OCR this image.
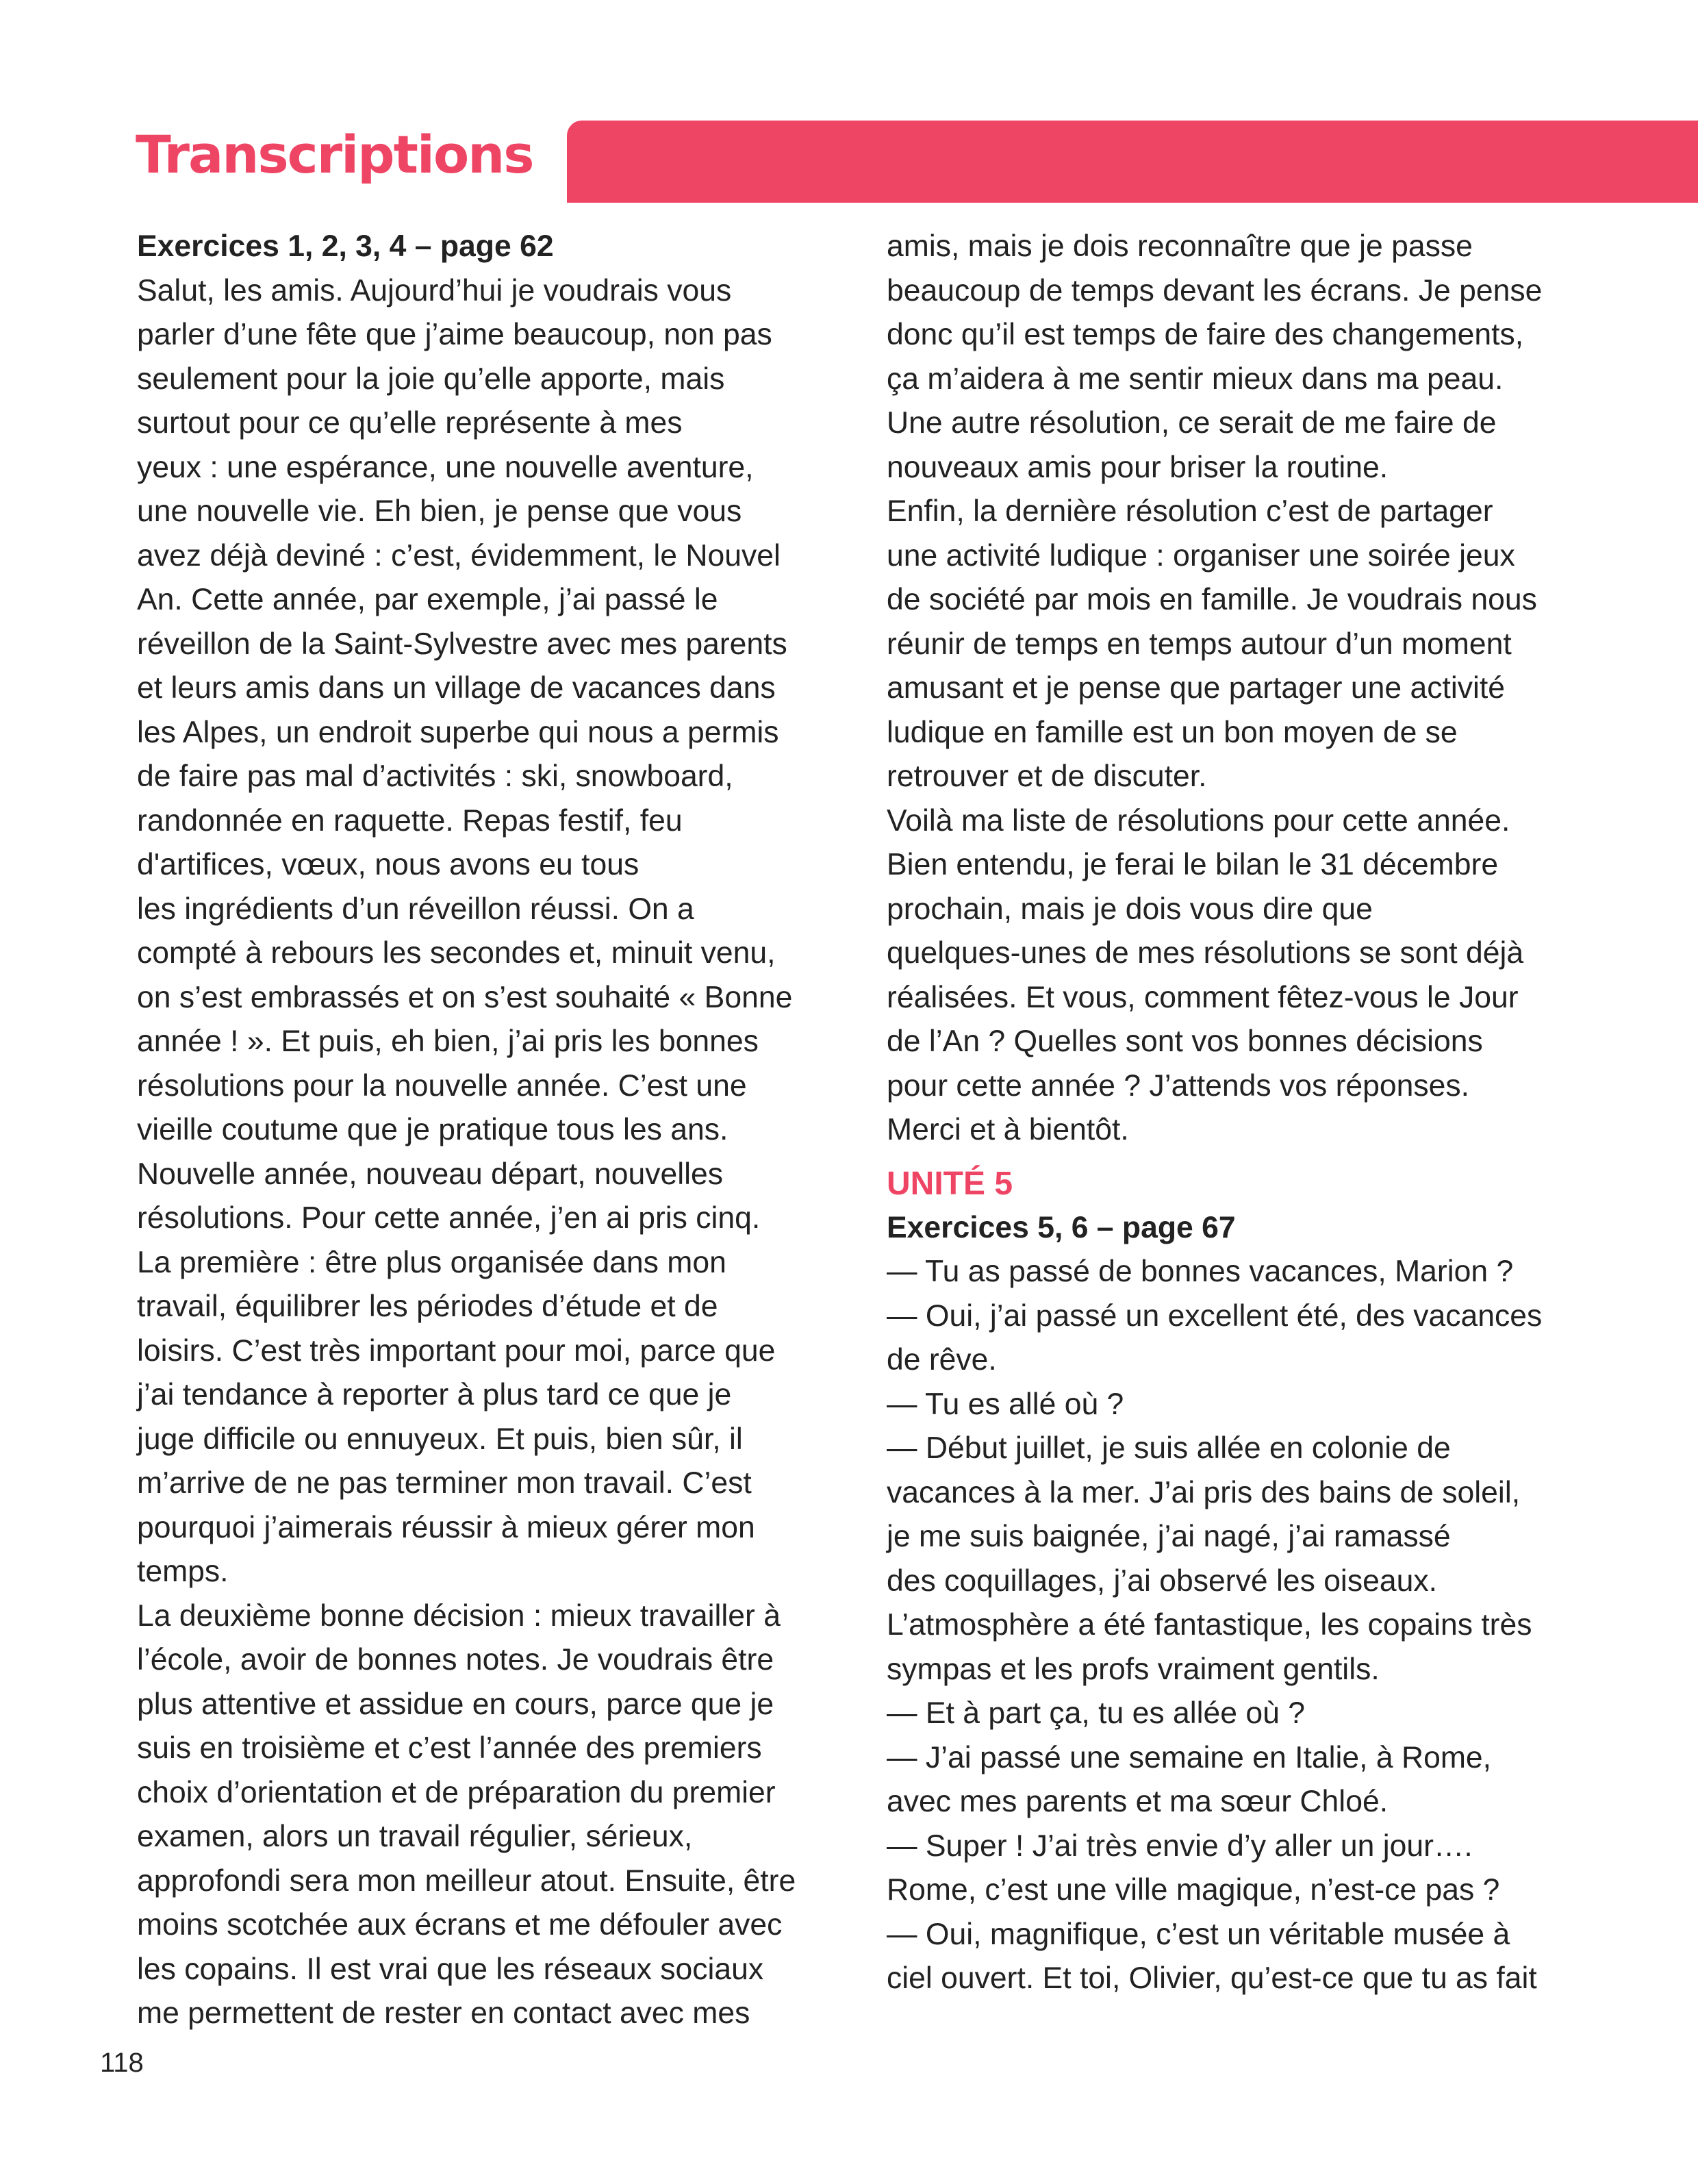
Transcriptions
Exercices 1, 2, 3, 4 – page 62
Salut, les amis. Aujourd’hui je voudrais vous
parler d’une fête que j’aime beaucoup, non pas
seulement pour la joie qu’elle apporte, mais
surtout pour ce qu’elle représente à mes
yeux : une espérance, une nouvelle aventure,
une nouvelle vie. Eh bien, je pense que vous
avez déjà deviné : c’est, évidemment, le Nouvel
An. Cette année, par exemple, j’ai passé le
réveillon de la Saint-Sylvestre avec mes parents
et leurs amis dans un village de vacances dans
les Alpes, un endroit superbe qui nous a permis
de faire pas mal d’activités : ski, snowboard,
randonnée en raquette. Repas festif, feu
d'artifices, vœux, nous avons eu tous
les ingrédients d’un réveillon réussi. On a
compté à rebours les secondes et, minuit venu,
on s’est embrassés et on s’est souhaité « Bonne
année ! ». Et puis, eh bien, j’ai pris les bonnes
résolutions pour la nouvelle année. C’est une
vieille coutume que je pratique tous les ans.
Nouvelle année, nouveau départ, nouvelles
résolutions. Pour cette année, j’en ai pris cinq.
La première : être plus organisée dans mon
travail, équilibrer les périodes d’étude et de
loisirs. C’est très important pour moi, parce que
j’ai tendance à reporter à plus tard ce que je
juge difficile ou ennuyeux. Et puis, bien sûr, il
m’arrive de ne pas terminer mon travail. C’est
pourquoi j’aimerais réussir à mieux gérer mon
temps.
La deuxième bonne décision : mieux travailler à
l’école, avoir de bonnes notes. Je voudrais être
plus attentive et assidue en cours, parce que je
suis en troisième et c’est l’année des premiers
choix d’orientation et de préparation du premier
examen, alors un travail régulier, sérieux,
approfondi sera mon meilleur atout. Ensuite, être
moins scotchée aux écrans et me défouler avec
les copains. Il est vrai que les réseaux sociaux
me permettent de rester en contact avec mes
amis, mais je dois reconnaître que je passe
beaucoup de temps devant les écrans. Je pense
donc qu’il est temps de faire des changements,
ça m’aidera à me sentir mieux dans ma peau.
Une autre résolution, ce serait de me faire de
nouveaux amis pour briser la routine.
Enfin, la dernière résolution c’est de partager
une activité ludique : organiser une soirée jeux
de société par mois en famille. Je voudrais nous
réunir de temps en temps autour d’un moment
amusant et je pense que partager une activité
ludique en famille est un bon moyen de se
retrouver et de discuter.
Voilà ma liste de résolutions pour cette année.
Bien entendu, je ferai le bilan le 31 décembre
prochain, mais je dois vous dire que
quelques-unes de mes résolutions se sont déjà
réalisées. Et vous, comment fêtez-vous le Jour
de l’An ? Quelles sont vos bonnes décisions
pour cette année ? J’attends vos réponses.
Merci et à bientôt.
UNITÉ 5
Exercices 5, 6 – page 67
— Tu as passé de bonnes vacances, Marion ?
— Oui, j’ai passé un excellent été, des vacances
de rêve.
— Tu es allé où ?
— Début juillet, je suis allée en colonie de
vacances à la mer. J’ai pris des bains de soleil,
je me suis baignée, j’ai nagé, j’ai ramassé
des coquillages, j’ai observé les oiseaux.
L’atmosphère a été fantastique, les copains très
sympas et les profs vraiment gentils.
— Et à part ça, tu es allée où ?
— J’ai passé une semaine en Italie, à Rome,
avec mes parents et ma sœur Chloé.
— Super ! J’ai très envie d’y aller un jour….
Rome, c’est une ville magique, n’est-ce pas ?
— Oui, magnifique, c’est un véritable musée à
ciel ouvert. Et toi, Olivier, qu’est-ce que tu as fait
118
